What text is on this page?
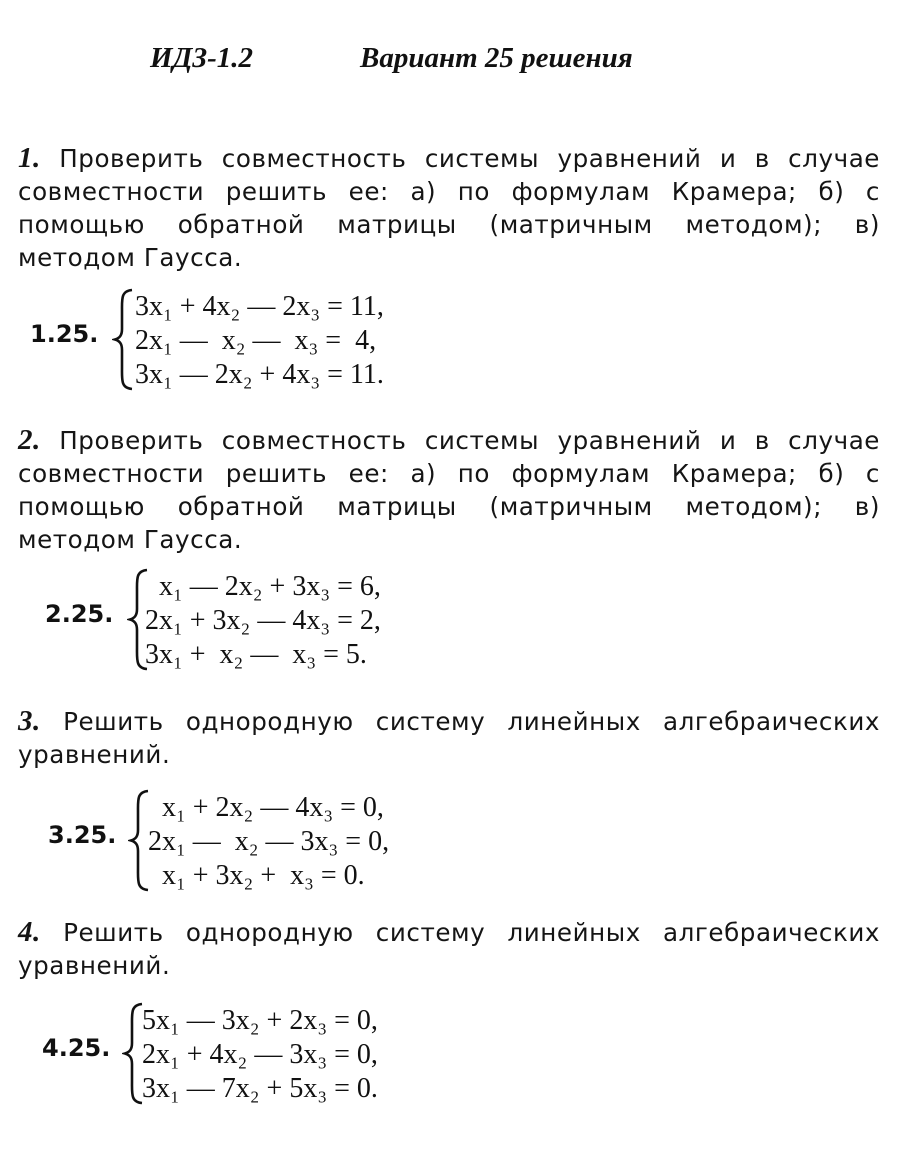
ИДЗ-1.2	Вариант 25 решения
1. Проверить совместность системы уравнений и в случае совместности решить ее: а) по формулам Крамера; б) с помощью обратной матрицы (матричным методом); в) методом Гаусса.
1.25.
3x₁ + 4x₂ — 2x₃ = 11,
2x₁ —  x₂ —  x₃ =  4,
3x₁ — 2x₂ + 4x₃ = 11.
2. Проверить совместность системы уравнений и в случае совместности решить ее: а) по формулам Крамера; б) с помощью обратной матрицы (матричным методом); в) методом Гаусса.
2.25.
x₁ — 2x₂ + 3x₃ = 6,
2x₁ + 3x₂ — 4x₃ = 2,
3x₁ +  x₂ —  x₃ = 5.
3. Решить однородную систему линейных алгебраических уравнений.
3.25.
x₁ + 2x₂ — 4x₃ = 0,
2x₁ —  x₂ — 3x₃ = 0,
x₁ + 3x₂ +  x₃ = 0.
4. Решить однородную систему линейных алгебраических уравнений.
4.25.
5x₁ — 3x₂ + 2x₃ = 0,
2x₁ + 4x₂ — 3x₃ = 0,
3x₁ — 7x₂ + 5x₃ = 0.
